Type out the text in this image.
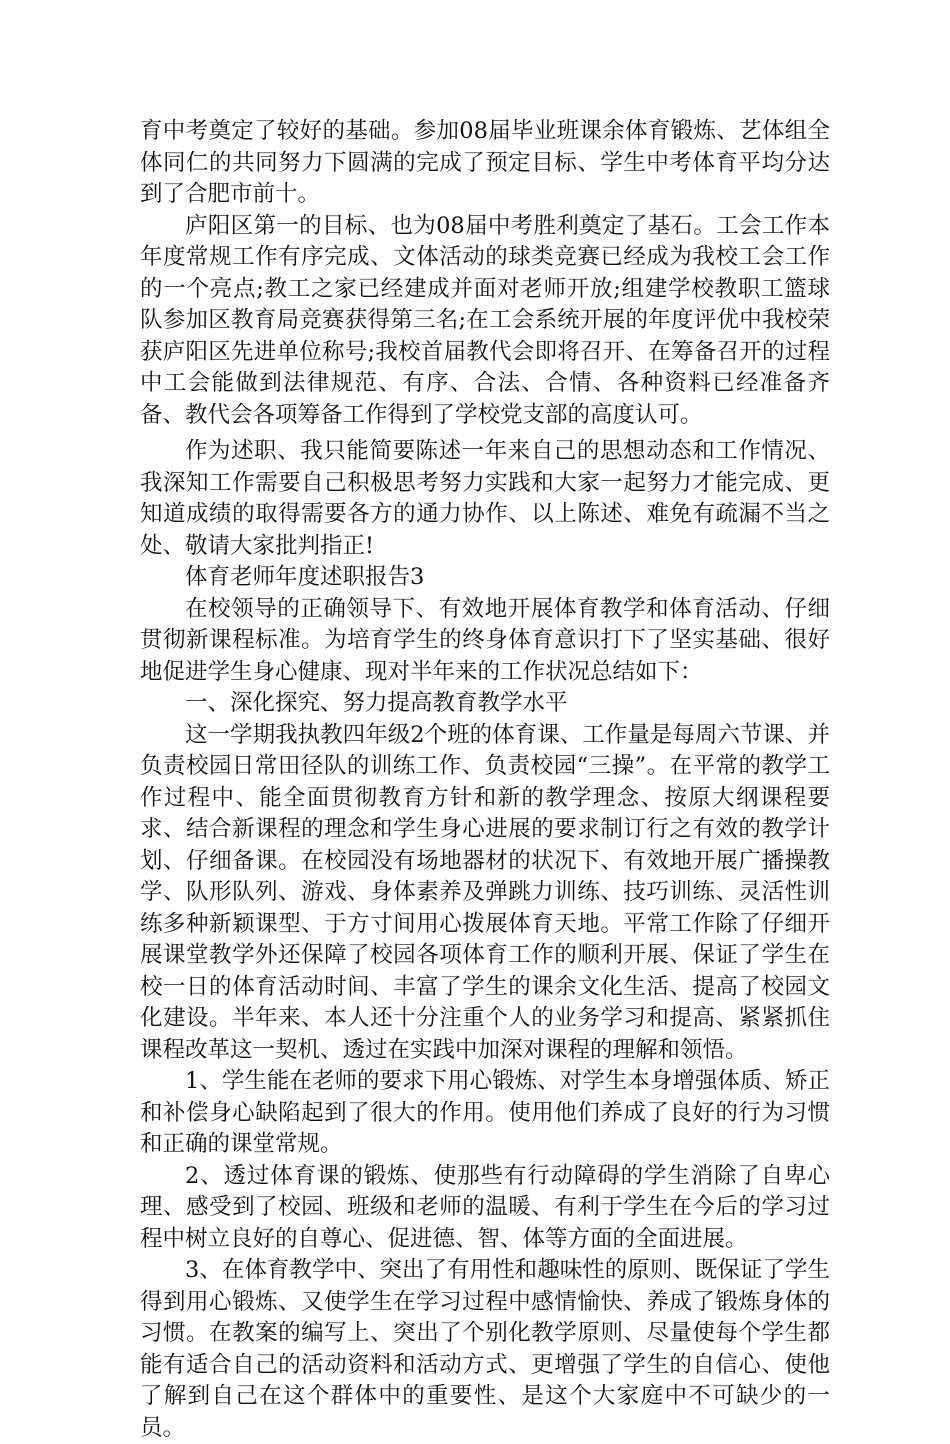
育中考奠定了较好的基础。参加08届毕业班课余体育锻炼、艺体组全体同仁的共同努力下圆满的完成了预定目标、学生中考体育平均分达到了合肥市前十。

庐阳区第一的目标、也为08届中考胜利奠定了基石。工会工作本年度常规工作有序完成、文体活动的球类竞赛已经成为我校工会工作的一个亮点;教工之家已经建成并面对老师开放;组建学校教职工篮球队参加区教育局竞赛获得第三名;在工会系统开展的年度评优中我校荣获庐阳区先进单位称号;我校首届教代会即将召开、在筹备召开的过程中工会能做到法律规范、有序、合法、合情、各种资料已经准备齐备、教代会各项筹备工作得到了学校党支部的高度认可。

作为述职、我只能简要陈述一年来自己的思想动态和工作情况、我深知工作需要自己积极思考努力实践和大家一起努力才能完成、更知道成绩的取得需要各方的通力协作、以上陈述、难免有疏漏不当之处、敬请大家批判指正!

体育老师年度述职报告3

在校领导的正确领导下、有效地开展体育教学和体育活动、仔细贯彻新课程标准。为培育学生的终身体育意识打下了坚实基础、很好地促进学生身心健康、现对半年来的工作状况总结如下：

一、深化探究、努力提高教育教学水平

这一学期我执教四年级2个班的体育课、工作量是每周六节课、并负责校园日常田径队的训练工作、负责校园“三操”。在平常的教学工作过程中、能全面贯彻教育方针和新的教学理念、按原大纲课程要求、结合新课程的理念和学生身心进展的要求制订行之有效的教学计划、仔细备课。在校园没有场地器材的状况下、有效地开展广播操教学、队形队列、游戏、身体素养及弹跳力训练、技巧训练、灵活性训练多种新颖课型、于方寸间用心拨展体育天地。平常工作除了仔细开展课堂教学外还保障了校园各项体育工作的顺利开展、保证了学生在校一日的体育活动时间、丰富了学生的课余文化生活、提高了校园文化建设。半年来、本人还十分注重个人的业务学习和提高、紧紧抓住课程改革这一契机、透过在实践中加深对课程的理解和领悟。

1、学生能在老师的要求下用心锻炼、对学生本身增强体质、矫正和补偿身心缺陷起到了很大的作用。使用他们养成了良好的行为习惯和正确的课堂常规。

2、透过体育课的锻炼、使那些有行动障碍的学生消除了自卑心理、感受到了校园、班级和老师的温暖、有利于学生在今后的学习过程中树立良好的自尊心、促进德、智、体等方面的全面进展。

3、在体育教学中、突出了有用性和趣味性的原则、既保证了学生得到用心锻炼、又使学生在学习过程中感情愉快、养成了锻炼身体的习惯。在教案的编写上、突出了个别化教学原则、尽量使每个学生都能有适合自己的活动资料和活动方式、更增强了学生的自信心、使他了解到自己在这个群体中的重要性、是这个大家庭中不可缺少的一员。
